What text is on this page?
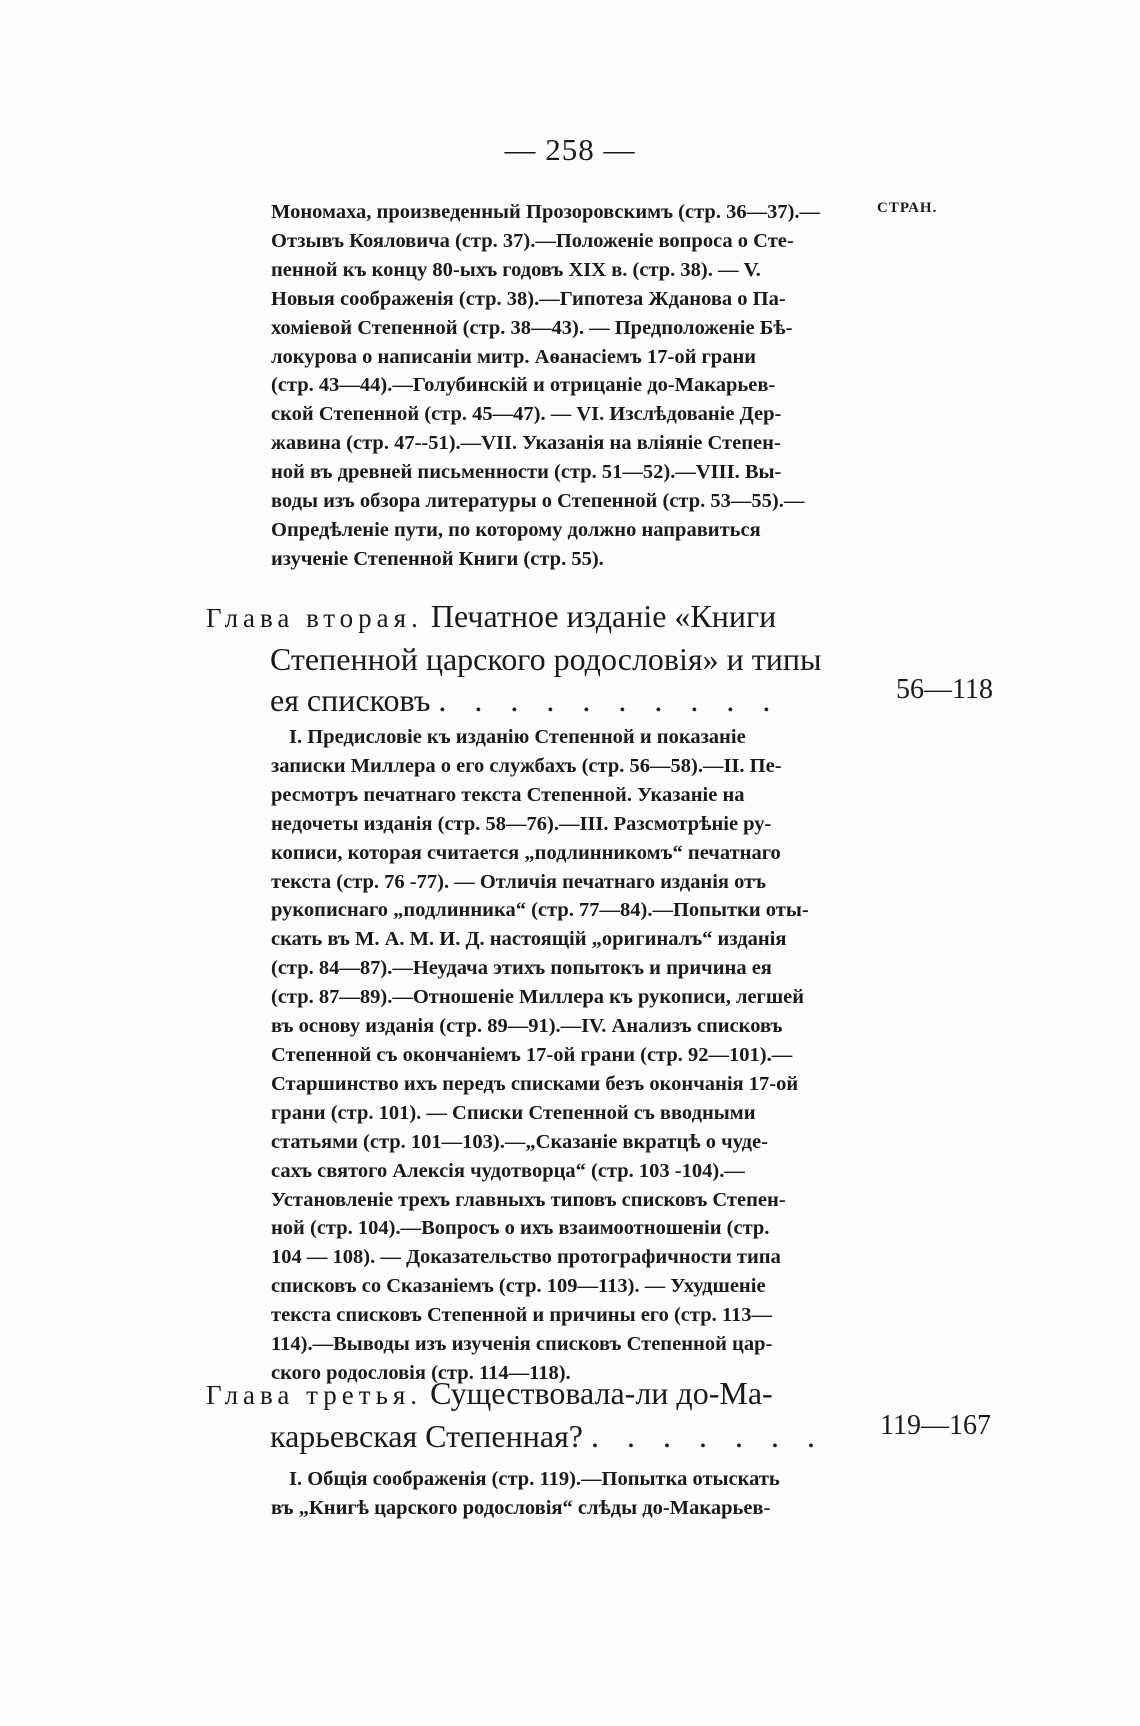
— 258 —
СТРАН.
Мономаха, произведенный Прозоровскимъ (стр. 36—37).—
Отзывъ Кояловича (стр. 37).—Положеніе вопроса о Сте-
пенной къ концу 80-ыхъ годовъ XIX в. (стр. 38). — V.
Новыя соображенія (стр. 38).—Гипотеза Жданова о Па-
хоміевой Степенной (стр. 38—43). — Предположеніе Бѣ-
локурова о написаніи митр. Аѳанасіемъ 17-ой грани
(стр. 43—44).—Голубинскій и отрицаніе до-Макарьев-
ской Степенной (стр. 45—47). — VI. Изслѣдованіе Дер-
жавина (стр. 47--51).—VII. Указанія на вліяніе Степен-
ной въ древней письменности (стр. 51—52).—VIII. Вы-
воды изъ обзора литературы о Степенной (стр. 53—55).—
Опредѣленіе пути, по которому должно направиться
изученіе Степенной Книги (стр. 55).
Глава вторая. Печатное изданіе «Книги
Степенной царского родословія» и типы
ея списковъ . . . . . . . . . .	56—118
I. Предисловіе къ изданію Степенной и показаніе
записки Миллера о его службахъ (стр. 56—58).—II. Пе-
ресмотръ печатнаго текста Степенной. Указаніе на
недочеты изданія (стр. 58—76).—III. Разсмотрѣніе ру-
кописи, которая считается „подлинникомъ“ печатнаго
текста (стр. 76 -77). — Отличія печатнаго изданія отъ
рукописнаго „подлинника“ (стр. 77—84).—Попытки оты-
скать въ М. А. М. И. Д. настоящій „оригиналъ“ изданія
(стр. 84—87).—Неудача этихъ попытокъ и причина ея
(стр. 87—89).—Отношеніе Миллера къ рукописи, легшей
въ основу изданія (стр. 89—91).—IV. Анализъ списковъ
Степенной съ окончаніемъ 17-ой грани (стр. 92—101).—
Старшинство ихъ передъ списками безъ окончанія 17-ой
грани (стр. 101). — Списки Степенной съ вводными
статьями (стр. 101—103).—„Сказаніе вкратцѣ о чуде-
сахъ святого Алексія чудотворца“ (стр. 103 -104).—
Установленіе трехъ главныхъ типовъ списковъ Степен-
ной (стр. 104).—Вопросъ о ихъ взаимоотношеніи (стр.
104 — 108). — Доказательство протографичности типа
списковъ со Сказаніемъ (стр. 109—113). — Ухудшеніе
текста списковъ Степенной и причины его (стр. 113—
114).—Выводы изъ изученія списковъ Степенной цар-
ского родословія (стр. 114—118).
Глава третья. Существовала-ли до-Ма-
карьевская Степенная? . . . . . . .	119—167
I. Общія соображенія (стр. 119).—Попытка отыскать
въ „Книгѣ царского родословія“ слѣды до-Макарьев-
